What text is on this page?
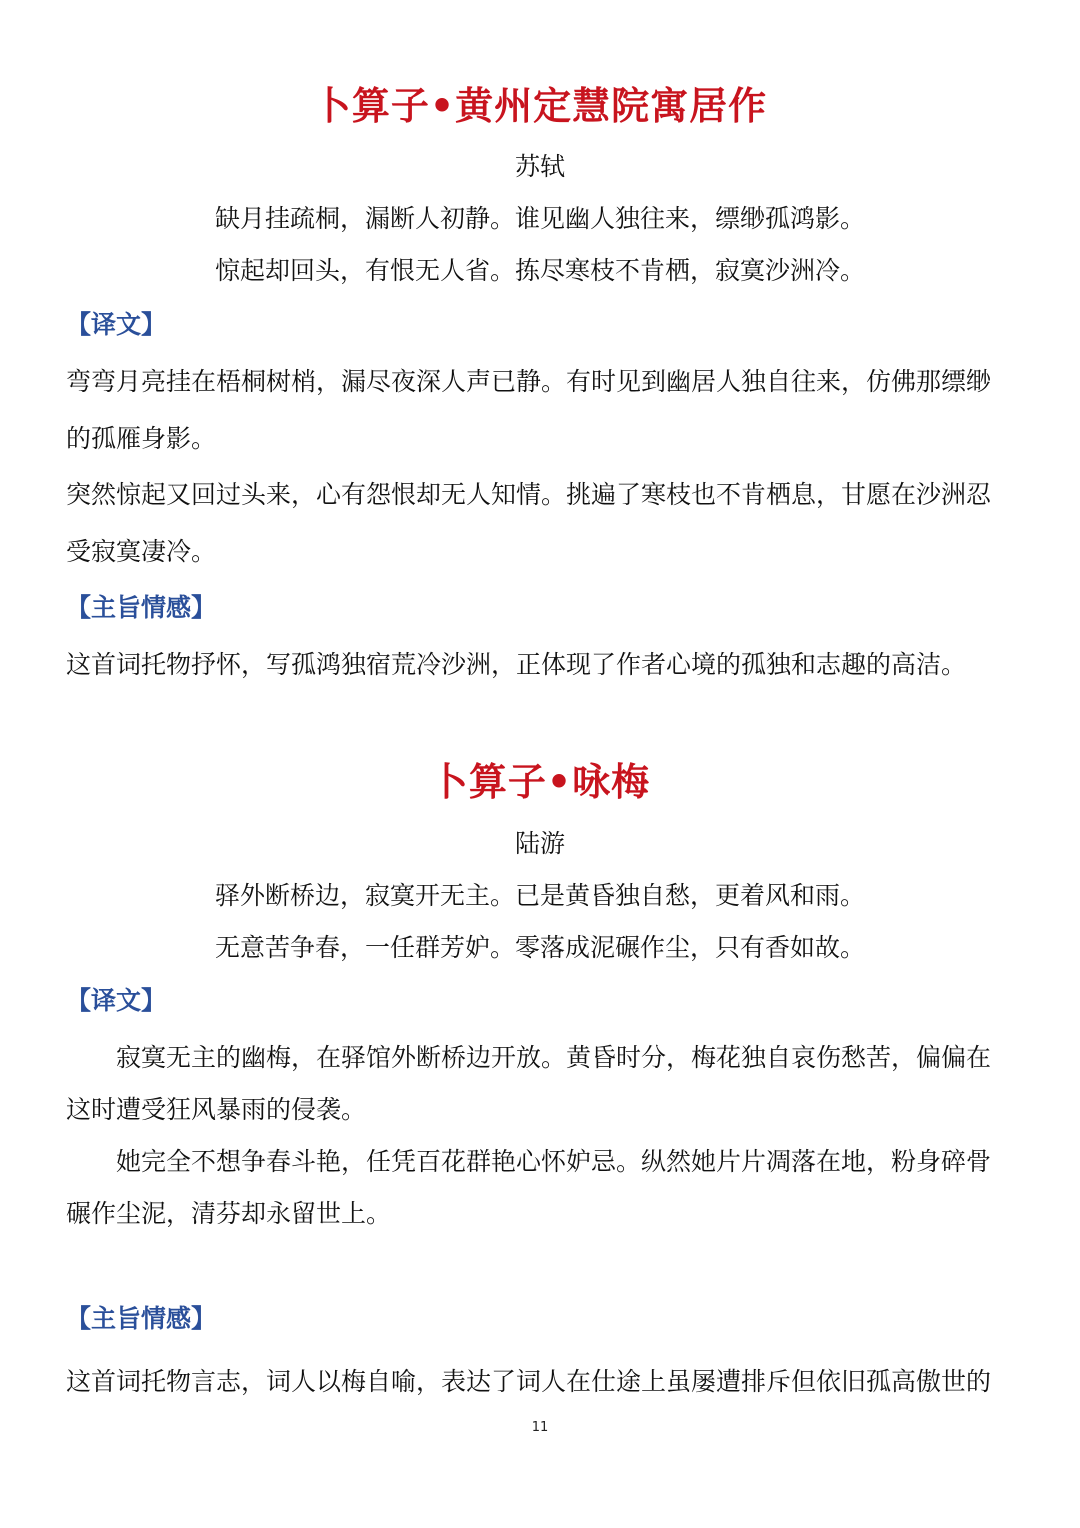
卜算子•黄州定慧院寓居作
苏轼
缺月挂疏桐，漏断人初静。谁见幽人独往来，缥缈孤鸿影。
惊起却回头，有恨无人省。拣尽寒枝不肯栖，寂寞沙洲冷。
【译文】
弯弯月亮挂在梧桐树梢，漏尽夜深人声已静。有时见到幽居人独自往来，仿佛那缥缈
的孤雁身影。
突然惊起又回过头来，心有怨恨却无人知情。挑遍了寒枝也不肯栖息，甘愿在沙洲忍
受寂寞凄冷。
【主旨情感】
这首词托物抒怀，写孤鸿独宿荒冷沙洲，正体现了作者心境的孤独和志趣的高洁。
卜算子•咏梅
陆游
驿外断桥边，寂寞开无主。已是黄昏独自愁，更着风和雨。
无意苦争春，一任群芳妒。零落成泥碾作尘，只有香如故。
【译文】
寂寞无主的幽梅，在驿馆外断桥边开放。黄昏时分，梅花独自哀伤愁苦，偏偏在
这时遭受狂风暴雨的侵袭。
她完全不想争春斗艳，任凭百花群艳心怀妒忌。纵然她片片凋落在地，粉身碎骨
碾作尘泥，清芬却永留世上。
【主旨情感】
这首词托物言志，词人以梅自喻，表达了词人在仕途上虽屡遭排斥但依旧孤高傲世的
11
